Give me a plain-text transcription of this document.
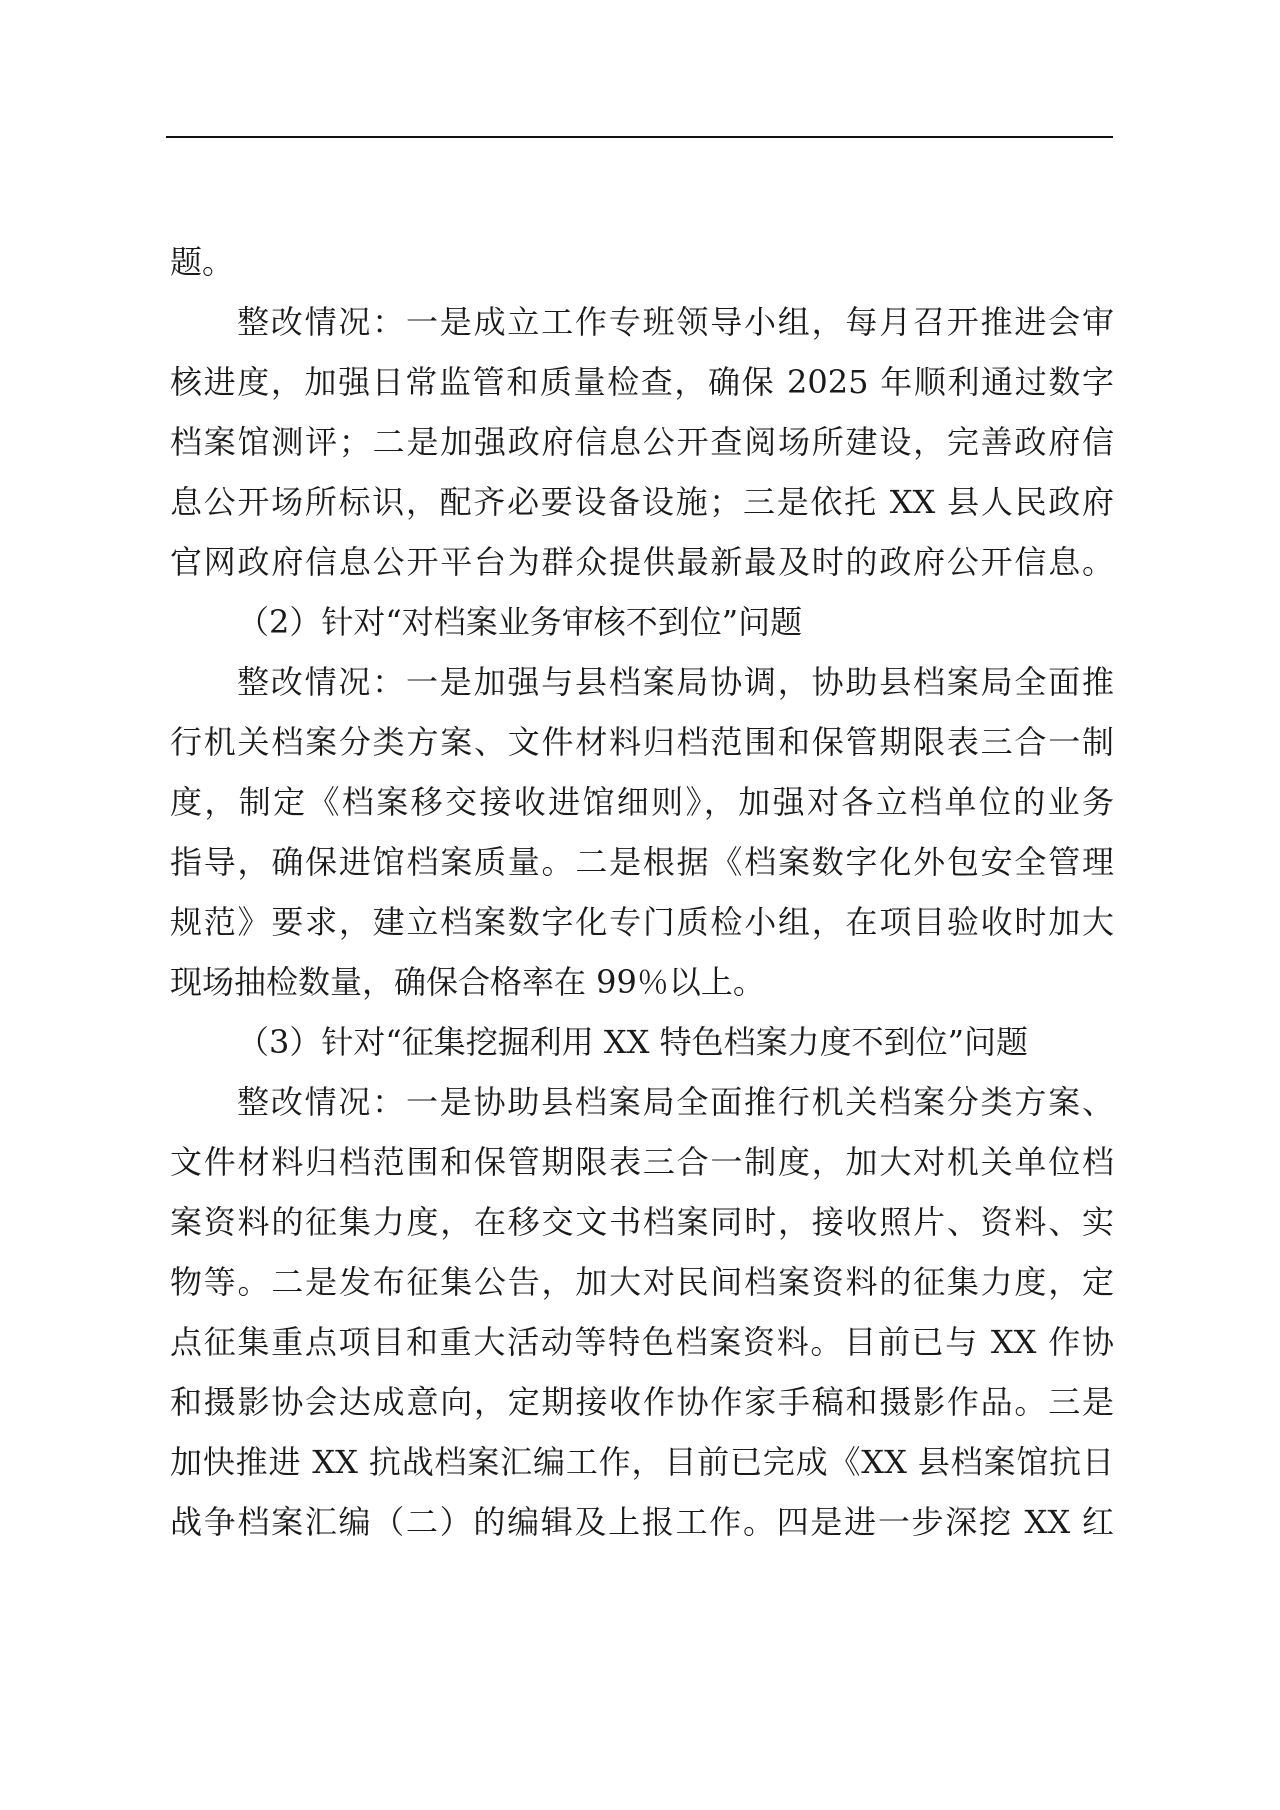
题。
整改情况：一是成立工作专班领导小组，每月召开推进会审
核进度，加强日常监管和质量检查，确保 2025 年顺利通过数字
档案馆测评；二是加强政府信息公开查阅场所建设，完善政府信
息公开场所标识，配齐必要设备设施；三是依托 XX 县人民政府
官网政府信息公开平台为群众提供最新最及时的政府公开信息。
（2）针对“对档案业务审核不到位”问题
整改情况：一是加强与县档案局协调，协助县档案局全面推
行机关档案分类方案、文件材料归档范围和保管期限表三合一制
度，制定《档案移交接收进馆细则》，加强对各立档单位的业务
指导，确保进馆档案质量。二是根据《档案数字化外包安全管理
规范》要求，建立档案数字化专门质检小组，在项目验收时加大
现场抽检数量，确保合格率在 99％以上。
（3）针对“征集挖掘利用 XX 特色档案力度不到位”问题
整改情况：一是协助县档案局全面推行机关档案分类方案、
文件材料归档范围和保管期限表三合一制度，加大对机关单位档
案资料的征集力度，在移交文书档案同时，接收照片、资料、实
物等。二是发布征集公告，加大对民间档案资料的征集力度，定
点征集重点项目和重大活动等特色档案资料。目前已与 XX 作协
和摄影协会达成意向，定期接收作协作家手稿和摄影作品。三是
加快推进 XX 抗战档案汇编工作，目前已完成《XX 县档案馆抗日
战争档案汇编（二）的编辑及上报工作。四是进一步深挖 XX 红
